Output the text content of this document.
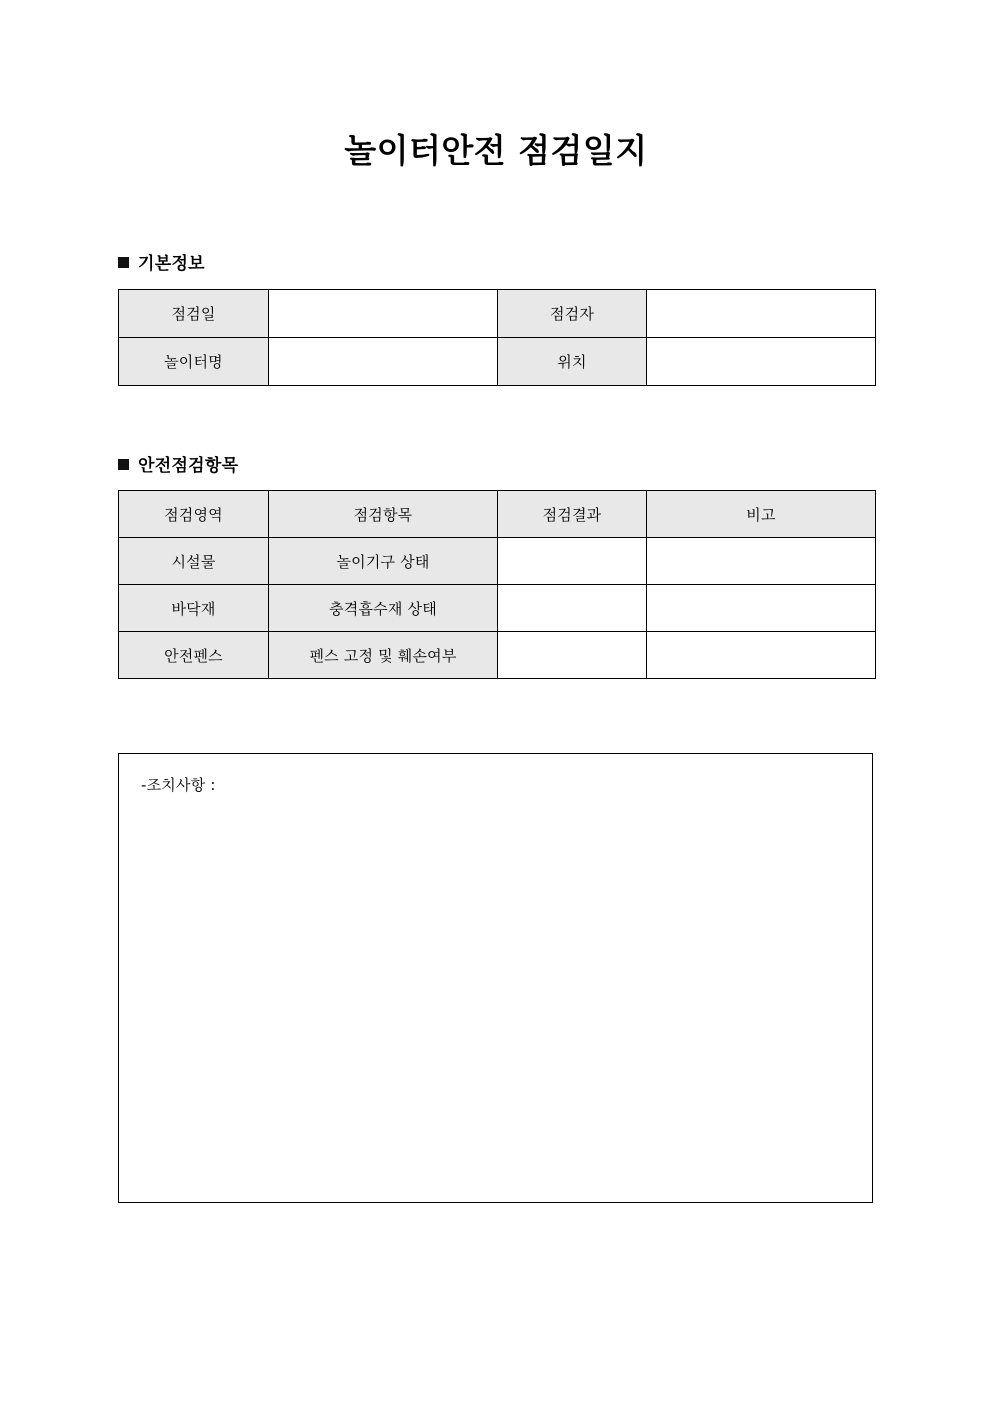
놀이터안전 점검일지
기본정보
점검일		점검자	
놀이터명		위치	
안전점검항목
점검영역	점검항목	점검결과	비고
시설물	놀이기구 상태		
바닥재	충격흡수재 상태		
안전펜스	펜스 고정 및 훼손여부		
-조치사항 :
